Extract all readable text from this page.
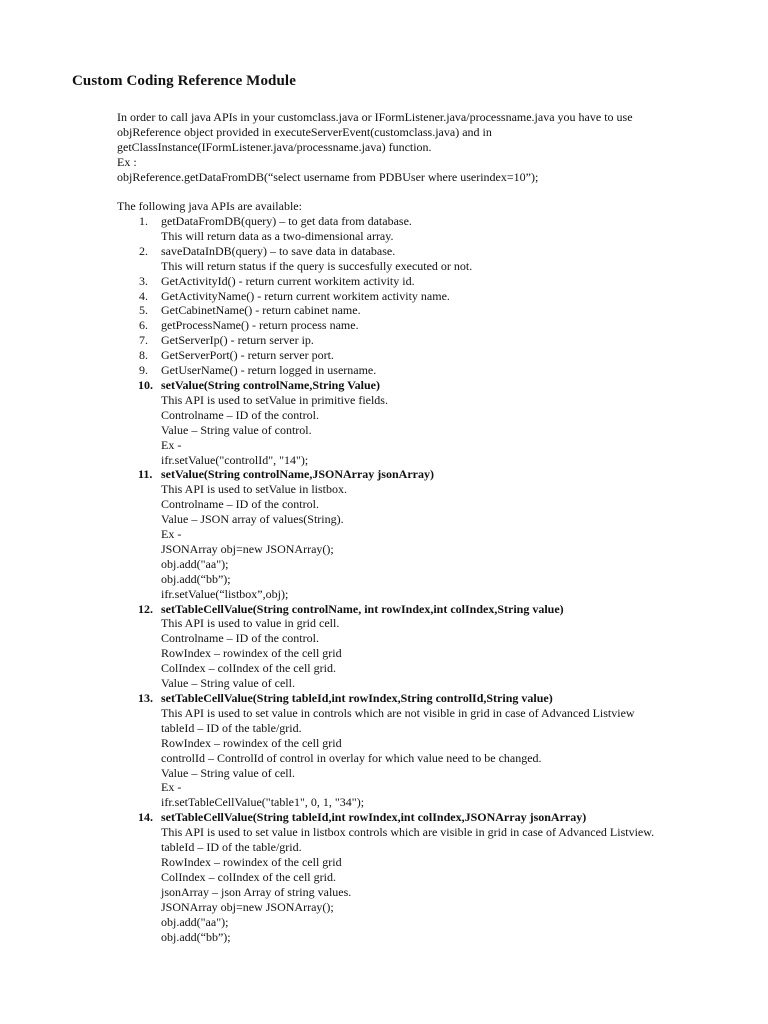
Custom Coding Reference Module

In order to call java APIs in your customclass.java or IFormListener.java/processname.java you have to use

objReference object provided in executeServerEvent(customclass.java) and in

getClassInstance(IFormListener.java/processname.java) function.

Ex :

objReference.getDataFromDB(“select username from PDBUser where userindex=10”);

The following java APIs are available:
1.	getDataFromDB(query) – to get data from database.
This will return data as a two-dimensional array.
2.	saveDataInDB(query) – to save data in database.
This will return status if the query is succesfully executed or not.
3.	GetActivityId() - return current workitem activity id.
4.	GetActivityName() - return current workitem activity name.
5.	GetCabinetName() - return cabinet name.
6.	getProcessName() - return process name.
7.	GetServerIp() - return server ip.
8.	GetServerPort() - return server port.
9.	GetUserName() - return logged in username.
10. setValue(String controlName,String Value)
This API is used to setValue in primitive fields.
Controlname – ID of the control.
Value – String value of control.
Ex -
ifr.setValue("controlId", "14");
11. setValue(String controlName,JSONArray jsonArray)
This API is used to setValue in listbox.
Controlname – ID of the control.
Value – JSON array of values(String).
Ex -
JSONArray obj=new JSONArray();
obj.add("aa");
obj.add(“bb”);
ifr.setValue(“listbox”,obj);
12. setTableCellValue(String controlName, int rowIndex,int colIndex,String value)
This API is used to value in grid cell.
Controlname – ID of the control.
RowIndex – rowindex of the cell grid
ColIndex – colIndex of the cell grid.
Value – String value of cell.
13. setTableCellValue(String tableId,int rowIndex,String controlId,String value)
This API is used to set value in controls which are not visible in grid in case of Advanced Listview
tableId – ID of the table/grid.
RowIndex – rowindex of the cell grid
controlId – ControlId of control in overlay for which value need to be changed.
Value – String value of cell.
Ex -
ifr.setTableCellValue("table1", 0, 1, "34");
14. setTableCellValue(String tableId,int rowIndex,int colIndex,JSONArray jsonArray)
This API is used to set value in listbox controls which are visible in grid in case of Advanced Listview.
tableId – ID of the table/grid.
RowIndex – rowindex of the cell grid
ColIndex – colIndex of the cell grid.
jsonArray – json Array of string values.
JSONArray obj=new JSONArray();
obj.add("aa");
obj.add(“bb”);
